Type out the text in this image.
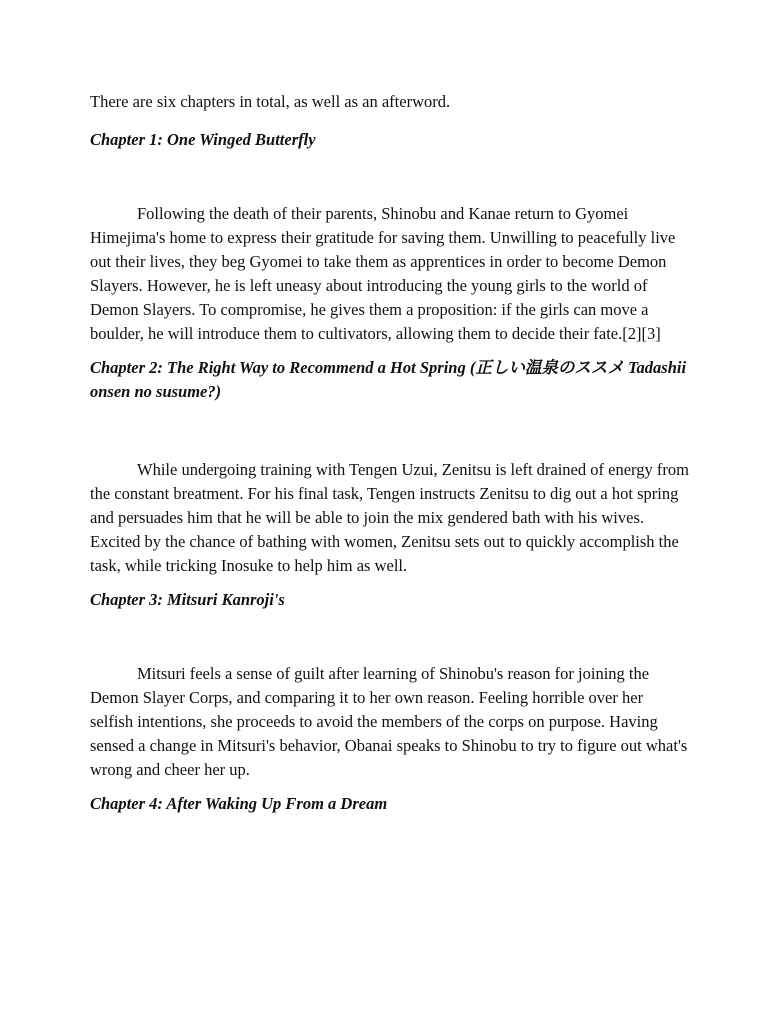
There are six chapters in total, as well as an afterword.

Chapter 1: One Winged Butterfly

Following the death of their parents, Shinobu and Kanae return to Gyomei Himejima's home to express their gratitude for saving them. Unwilling to peacefully live out their lives, they beg Gyomei to take them as apprentices in order to become Demon Slayers. However, he is left uneasy about introducing the young girls to the world of Demon Slayers. To compromise, he gives them a proposition: if the girls can move a boulder, he will introduce them to cultivators, allowing them to decide their fate.[2][3]

Chapter 2: The Right Way to Recommend a Hot Spring (正しい温泉のススメ Tadashii onsen no susume?)

While undergoing training with Tengen Uzui, Zenitsu is left drained of energy from the constant breatment. For his final task, Tengen instructs Zenitsu to dig out a hot spring and persuades him that he will be able to join the mix gendered bath with his wives. Excited by the chance of bathing with women, Zenitsu sets out to quickly accomplish the task, while tricking Inosuke to help him as well.

Chapter 3: Mitsuri Kanroji's

Mitsuri feels a sense of guilt after learning of Shinobu's reason for joining the Demon Slayer Corps, and comparing it to her own reason. Feeling horrible over her selfish intentions, she proceeds to avoid the members of the corps on purpose. Having sensed a change in Mitsuri's behavior, Obanai speaks to Shinobu to try to figure out what's wrong and cheer her up.

Chapter 4: After Waking Up From a Dream
